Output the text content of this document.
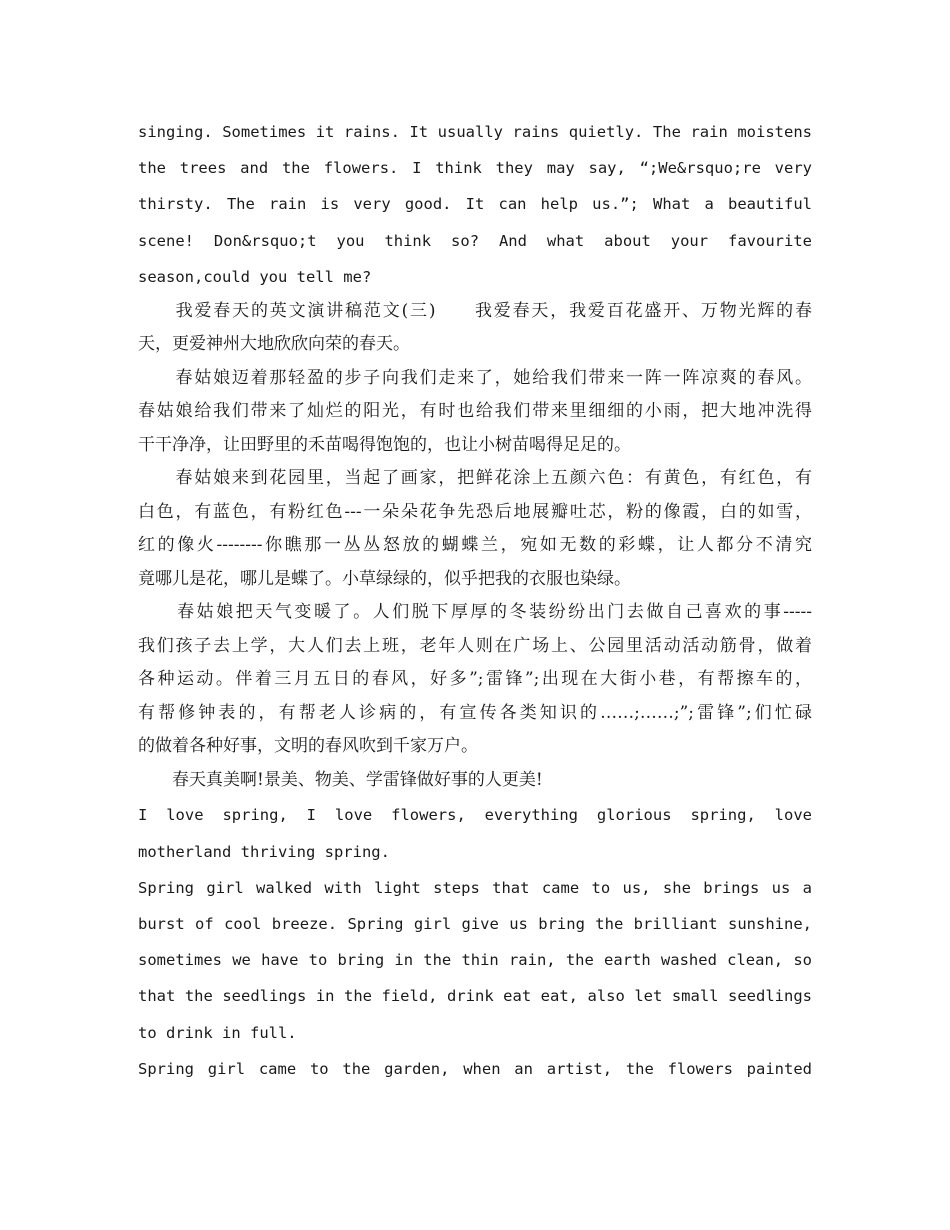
singing. Sometimes it rains. It usually rains quietly. The rain moistens

the trees and the flowers. I think they may say, “;We&rsquo;re very

thirsty. The rain is very good. It can help us.”; What a beautiful

scene! Don&rsquo;t you think so? And what about your favourite

season,could you tell me?

　　我爱春天的英文演讲稿范文(三)　　我爱春天，我爱百花盛开、万物光辉的春

天，更爱神州大地欣欣向荣的春天。

　　春姑娘迈着那轻盈的步子向我们走来了，她给我们带来一阵一阵凉爽的春风。

春姑娘给我们带来了灿烂的阳光，有时也给我们带来里细细的小雨，把大地冲洗得

干干净净，让田野里的禾苗喝得饱饱的，也让小树苗喝得足足的。

　　春姑娘来到花园里，当起了画家，把鲜花涂上五颜六色：有黄色，有红色，有

白色，有蓝色，有粉红色---一朵朵花争先恐后地展瓣吐芯，粉的像霞，白的如雪，

红的像火--------你瞧那一丛丛怒放的蝴蝶兰，宛如无数的彩蝶，让人都分不清究

竟哪儿是花，哪儿是蝶了。小草绿绿的，似乎把我的衣服也染绿。

　　春姑娘把天气变暖了。人们脱下厚厚的冬装纷纷出门去做自己喜欢的事-----

我们孩子去上学，大人们去上班，老年人则在广场上、公园里活动活动筋骨，做着

各种运动。伴着三月五日的春风，好多”;雷锋”;出现在大街小巷，有帮擦车的，

有帮修钟表的，有帮老人诊病的，有宣传各类知识的……;……;”;雷锋”;们忙碌

的做着各种好事，文明的春风吹到千家万户。

　　春天真美啊!景美、物美、学雷锋做好事的人更美!

I love spring, I love flowers, everything glorious spring, love

motherland thriving spring.

Spring girl walked with light steps that came to us, she brings us a

burst of cool breeze. Spring girl give us bring the brilliant sunshine,

sometimes we have to bring in the thin rain, the earth washed clean, so

that the seedlings in the field, drink eat eat, also let small seedlings

to drink in full.

Spring girl came to the garden, when an artist, the flowers painted
